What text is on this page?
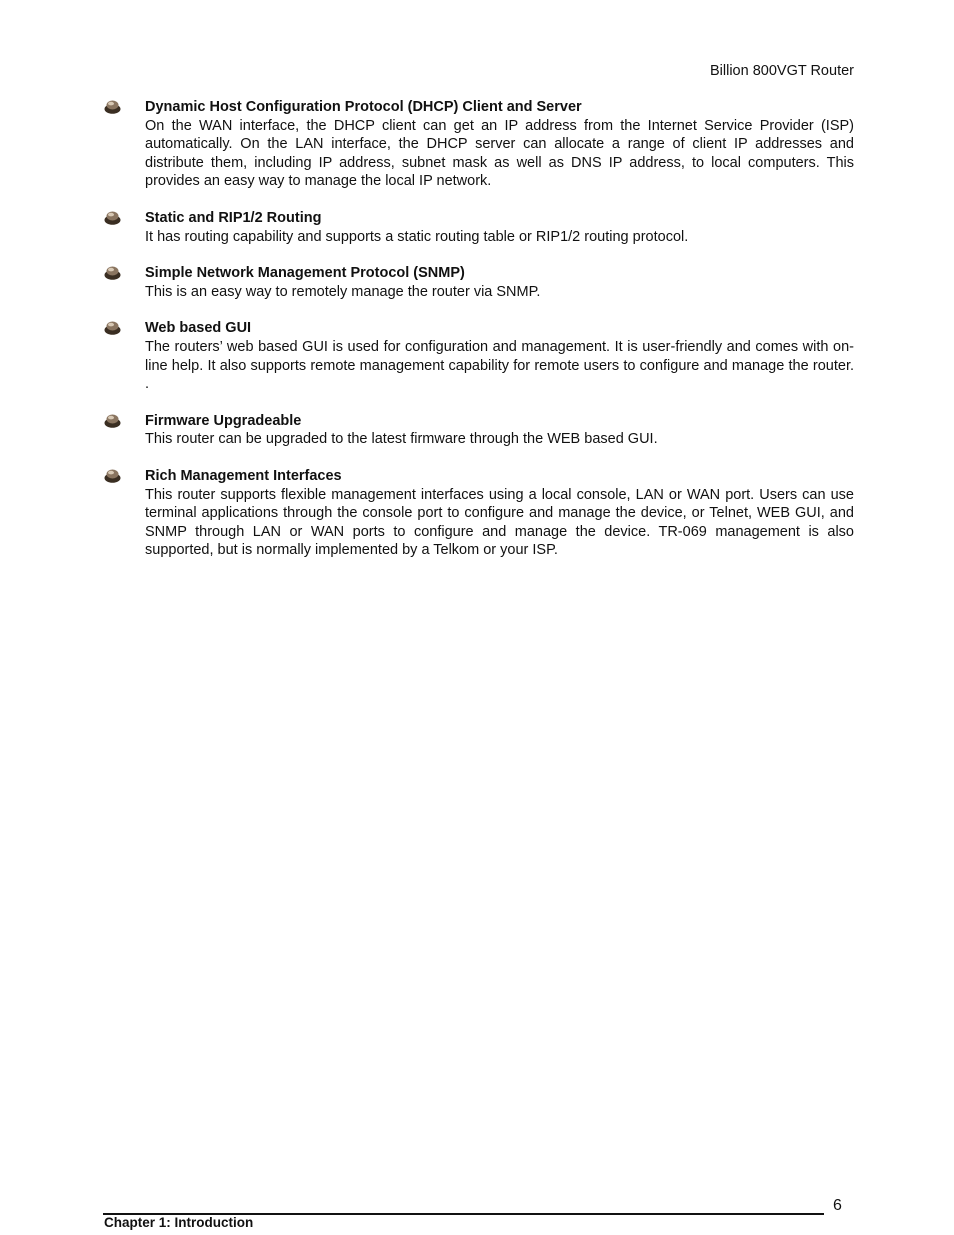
Billion 800VGT Router
Dynamic Host Configuration Protocol (DHCP) Client and Server
On the WAN interface, the DHCP client can get an IP address from the Internet Service Provider (ISP) automatically. On the LAN interface, the DHCP server can allocate a range of client IP addresses and distribute them, including IP address, subnet mask as well as DNS IP address, to local computers. This provides an easy way to manage the local IP network.
Static and RIP1/2 Routing
It has routing capability and supports a static routing table or RIP1/2 routing protocol.
Simple Network Management Protocol (SNMP)
This is an easy way to remotely manage the router via SNMP.
Web based GUI
The routers’ web based GUI is used for configuration and management. It is user-friendly and comes with on-line help. It also supports remote management capability for remote users to configure and manage the router. .
Firmware Upgradeable
This router can be upgraded to the latest firmware through the WEB based GUI.
Rich Management Interfaces
This router supports flexible management interfaces using a local console, LAN or WAN port. Users can use terminal applications through the console port to configure and manage the device, or Telnet, WEB GUI, and SNMP through LAN or WAN ports to configure and manage the device. TR-069 management is also supported, but is normally implemented by a Telkom or your ISP.
6
Chapter 1: Introduction
